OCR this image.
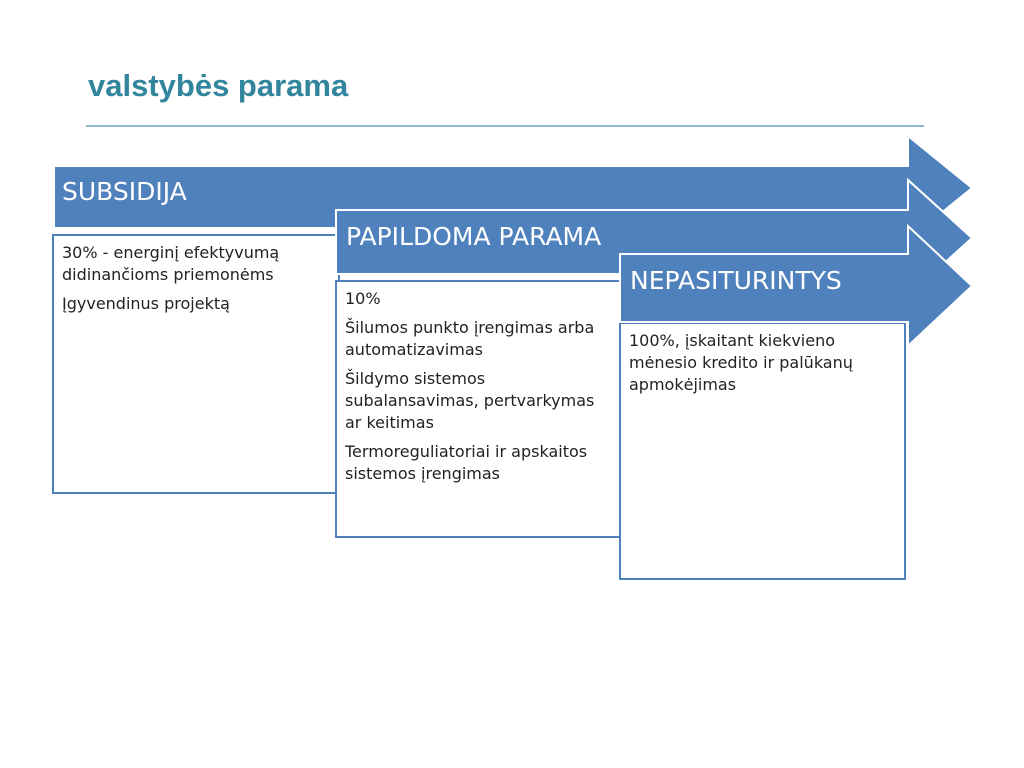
valstybės parama

30% - energinį efektyvumą didinančioms priemonėms

Įgyvendinus projektą

SUBSIDIJA

10%

Šilumos punkto įrengimas arba automatizavimas

Šildymo sistemos subalansavimas, pertvarkymas ar keitimas

Termoreguliatoriai ir apskaitos sistemos įrengimas

PAPILDOMA PARAMA

100%, įskaitant kiekvieno mėnesio kredito ir palūkanų apmokėjimas

NEPASITURINTYS
